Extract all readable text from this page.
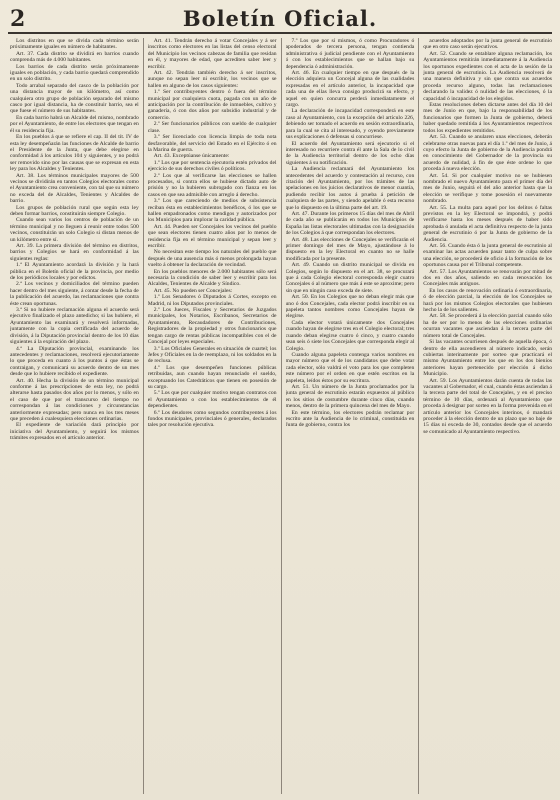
2	Boletín Oficial.

Los distritos en que se divida cada término serán próximamente iguales en número de habitantes.

Art. 37. Cada distrito se dividirá en barrios cuando comprenda más de 4.000 habitantes.

Los barrios de cada distrito serán próximamente iguales en población, y cada barrio quedará comprendido en un solo distrito.

Todo arrabal separado del casco de la población por una distancia mayor de un kilómetro, así como cualquiera otro grupo de población separado del mismo casco por igual distancia, ha de constituir barrio, sea el que fuese el número de sus habitantes.

En cada barrio habrá un Alcalde del mismo, nombrado por el Ayuntamiento, de entre los electores que tengan en él su residencia fija.

En los pueblos á que se refiere el cap. II del tít. IV de esta ley desempeñarán las funciones de Alcalde de barrio el Presidente de la Junta, que debe elegirse en conformidad á los artículos 104 y siguientes, y no podrá ser removido sino por las causas que se expresan en esta ley para los Alcaldes y Tenientes.

Art. 38. Los términos municipales mayores de 500 vecinos se dividirán en tantos Colegios electorales como el Ayuntamiento crea conveniente, con tal que su número no exceda del de Alcaldes, Tenientes y Alcaldes de barrio.

Los grupos de población rural que según esta ley deben formar barrios, constituirán siempre Colegio.

Cuando sean varios los centros de población de un término municipal y no lleguen á reunir entre todos 500 vecinos, constituirán un solo Colegio si distan menos de un kilómetro entre sí.

Art. 39. La primera división del término en distritos, barrios y Colegios se hará en conformidad á las siguientes reglas:

1.ª El Ayuntamiento acordará la división y la hará pública en el Boletín oficial de la provincia, por medio de los periódicos locales y por edictos.

2.ª Los vecinos y domiciliados del término pueden hacer dentro del mes siguiente, á contar desde la fecha de la publicación del acuerdo, las reclamaciones que contra éste crean oportunas.

3.ª Si no hubiere reclamación alguna el acuerdo será ejecutivo finalizado el plazo antedicho; si las hubiere, el Ayuntamiento las examinará y resolverá informadas, juntamente con la copia certificada del acuerdo de división, á la Diputación provincial dentro de los 10 días siguientes á la expiración del plazo.

4.ª La Diputación provincial, examinando los antecedentes y reclamaciones, resolverá ejecutoriamente lo que proceda en cuanto á los puntos á que éstas se contraigan, y comunicará su acuerdo dentro de un mes desde que lo hubiere recibido el expediente.

Art. 40. Hecha la división de un término municipal conforme á las prescripciones de esta ley, no podrá alterarse hasta pasados dos años por lo menos, y sólo en el caso de que por el transcurso del tiempo no correspondan á las condiciones y circunstancias anteriormente expresadas; pero nunca en los tres meses que preceden á cualesquiera elecciones ordinarias.

El expediente de variación dará principio por iniciativa del Ayuntamiento, y seguirá los mismos trámites expresados en el artículo anterior.

Art. 41. Tendrán derecho á votar Concejales y á ser inscritos como electores en las listas del censo electoral del Municipio los vecinos cabezas de familia que residan en él, y mayores de edad, que acrediten saber leer y escribir.

Art. 42. Tendrán también derecho á ser inscritos, aunque no sepan leer ni escribir, los vecinos que se hallen en alguno de los casos siguientes:

1.º Ser contribuyentes dentro ó fuera del término municipal por cualquiera cuota, pagada con un año de anticipación por la contribución de inmuebles, cultivo y ganadería, ó con dos años por subsidio industrial y de comercio.

2.º Ser funcionarios públicos con sueldo de cualquier clase.

3.º Ser licenciado con licencia limpia de toda nota desfavorable, del servicio del Estado en el Ejército ó en la Marina de guerra.

Art. 43. Exceptúanse únicamente:

1.º Los que por sentencia ejecutoria estén privados del ejercicio de sus derechos civiles ó políticos.

2.º Los que al verificarse las elecciones se hallen procesados, si contra ellos se hubiese dictado auto de prisión y no la hubieren subrogado con fianza en los casos en que sea admisible con arreglo á derecho.

3.º Los que careciendo de medios de subsistencia reciban ésta en establecimientos benéficos, ó los que se hallen empadronados como mendigos y autorizados por los Municipios para implorar la caridad pública.

Art. 44. Pueden ser Concejales los vecinos del pueblo que sean electores tienen cuatro años por lo menos de residencia fija en el término municipal y sepan leer y escribir.

No necesitan este tiempo los naturales del pueblo que después de una ausencia más ó menos prolongada hayan vuelto á obtener la declaración de vecindad.

En los pueblos menores de 2.000 habitantes sólo será necesaria la condición de saber leer y escribir para los Alcaldes, Tenientes de Alcalde y Síndico.

Art. 45. No pueden ser Concejales:

1.º Los Senadores ó Diputados á Cortes, excepto en Madrid, ni los Diputados provinciales.

2.º Los Jueces, Fiscales y Secretarios de Juzgados municipales, los Notarios, Escribanos, Secretarios de Ayuntamiento, Recaudadores de Contribuciones, Registradores de la propiedad y otros funcionarios que tengan cargo de rentas públicas incompatibles con el de Concejal por leyes especiales.

3.º Los Oficiales Generales en situación de cuartel; los Jefes y Oficiales en la de reemplazo, ni los soldados en la de reclusa.

4.º Los que desempeñen funciones públicas retribuidas, aun cuando hayan renunciado el sueldo, exceptuando los Catedráticos que tienen en posesión de su cargo.

5.º Los que por cualquier motivo tengan contratos con el Ayuntamiento o con los establecimientos de él dependientes.

6.º Los deudores como segundos contribuyentes á los fondos municipales, provinciales ó generales, declarados tales por resolución ejecutiva.

7.º Los que por sí mismos, ó como Procuradores ó apoderados de tercera persona, tengan contienda administrativa ó judicial pendiente con el Ayuntamiento ó con los establecimientos que se hallan bajo su dependencia ó administración.

Art. 46. En cualquier tiempo en que después de la elección adquiera un Concejal alguna de las cualidades expresadas en el artículo anterior, la incapacidad que cada una de ellas lleva consigo producirá su efecto, y aquel en quien concurra perderá inmediatamente el cargo.

La declaración de incapacidad corresponderá en este caso al Ayuntamiento, con la excepción del artículo 226, debiendo ser tomado el acuerdo en sesión extraordinaria, para la cual se cita al interesado, y oyendo previamente sus explicaciones ó defensas si concurriese.

El acuerdo del Ayuntamiento será ejecutorio si el interesado no recurriere contra él ante la Sala de lo civil de la Audiencia territorial dentro de los ocho días siguientes á su notificación.

La Audiencia reclamará del Ayuntamiento los antecedentes del acuerdo y contestación al recurso, con citación del Ayuntamiento, por los trámites de las apelaciones en los juicios declarativos de menor cuantía, pudiendo recibir los autos á prueba á petición de cualquiera de las partes, y siendo apelable ó esta recurso que lo dispuesto en la última parte del art. 19.

Art. 47. Durante los primeros 15 días del mes de Abril de cada año se publicarán en todos los Municipios de España las listas electorales ultimadas con la designación de los Colegios á que correspondan los electores.

Art. 48. Las elecciones de Concejales se verificarán el primer domingo del mes de Mayo, ajustándose á lo dispuesto en la ley Electoral en cuanto no se halle modificada por la presente.

Art. 49. Cuando un distrito municipal se divida en Colegios, según lo dispuesto en el art. 38, se procurará que á cada Colegio electoral corresponda elegir cuatro Concejales ó al número que más á este se aproxime; pero sin que en ningún caso exceda de siete.

Art. 50. En los Colegios que no deban elegir más que uno ó dos Concejales, cada elector podrá inscribir en su papeleta tantos nombres como Concejales hayan de elegirse.

Cada elector votará únicamente dos Concejales cuando hayan de elegirse tres en el Colegio electoral; tres cuando deban elegirse cuatro ó cinco, y cuatro cuando sean seis ó siete los Concejales que corresponda elegir al Colegio.

Cuando alguna papeleta contenga varios nombres en mayor número que el de los candidatos que debe votar cada elector, sólo valdrá el voto para los que completen este número por el orden en que estén escritos en la papeleta, leídos éstos por su escritura.

Art. 51. Un número de la Junta proclamados por la junta general de escrutinio estarán expuestos al público en los sitios de costumbre durante cinco días, cuando menos, dentro de la primera quincena del mes de Mayo.

En este término, los electores podrán reclamar por escrito ante la Audiencia de lo criminal, constituida en Junta de gobierno, contra los

acuerdos adoptados por la junta general de escrutinio que en otro caso serán ejecutivos.

Art. 52. Cuando se entablare alguna reclamación, los Ayuntamientos remitirán inmediatamente á la Audiencia los oportunos expedientes con el acta de la sesión de la junta general de escrutinio. La Audiencia resolverá de una manera definitiva y sin que contra sus acuerdos proceda recurso alguno, todas las reclamaciones declarando la validez ó nulidad de las elecciones, ó la capacidad ó incapacidad de los elegidos.

Estas resoluciones deben dictarse antes del día 10 del mes de Junio en que, bajo la responsabilidad de los funcionarios que formen la Junta de gobierno, deberá haber quedado remitida á los Ayuntamientos respectivos todos los expedientes remitidos.

Art. 53. Cuando se anularen unas elecciones, deberán celebrarse otras nuevas para el día 1.º del mes de Junio, á cuyo efecto la Junta de gobierno de la Audiencia pondrá en conocimiento del Gobernador de la provincia su acuerdo de nulidad, á fin de que éste ordene lo que proceda á nueva elección.

Art. 54. Si por cualquier motivo no se hubiesen nombrado el nuevo Ayuntamiento para el primer día del mes de Junio, seguirá el del año anterior hasta que la elección se verifique y tome posesión el nuevamente nombrado.

Art. 55. La multa para aquel por los delitos ó faltas previstos en la ley Electoral se impondrá, y podrá verificarse hasta los meses después de haber sido aprobada ó anulada el acta definitiva respecto de la junta general de escrutinio ó por la Junta de gobierno de la Audiencia.

Art. 56. Cuando ésta ó la junta general de escrutinio al examinar las actas acuerden pasar tanto de culpa sobre una elección, se procederá de oficio á la formación de los oportunos causa por el Tribunal competente.

Art. 57. Los Ayuntamientos se renovarán por mitad de dos en dos años, saliendo en cada renovación los Concejales más antiguos.

En los casos de renovación ordinaria ó extraordinaria, ó de elección parcial, la elección de los Concejales se hará por los mismos Colegios electorales que hubiesen hecho la de los salientes.

Art. 58. Se procederá á la elección parcial cuando sólo ha de ser por lo menos de las elecciones ordinarias ocurran vacantes que asciendan á la tercera parte del número total de Concejales.

Si las vacantes ocurriesen después de aquella época, ó dentro de ella ascendieren al número indicado, serán cubiertas interinamente por sorteo que practicará el mismo Ayuntamiento entre los que en los dos bienios anteriores hayan pertenecido por elección á dicho Municipio.

Art. 59. Los Ayuntamientos darán cuenta de todas las vacantes al Gobernador, el cual, cuando éstas asciendan á la tercera parte del total de Concejales, y en el preciso término de 10 días, ordenará al Ayuntamiento que proceda á designar por sorteo en la forma prevenida en el artículo anterior los Concejales interinos, ó mandará proceder á la elección dentro de un plazo que no baje de 15 días ni exceda de 30, contados desde que el acuerdo se comunicado al Ayuntamiento respectivo.
